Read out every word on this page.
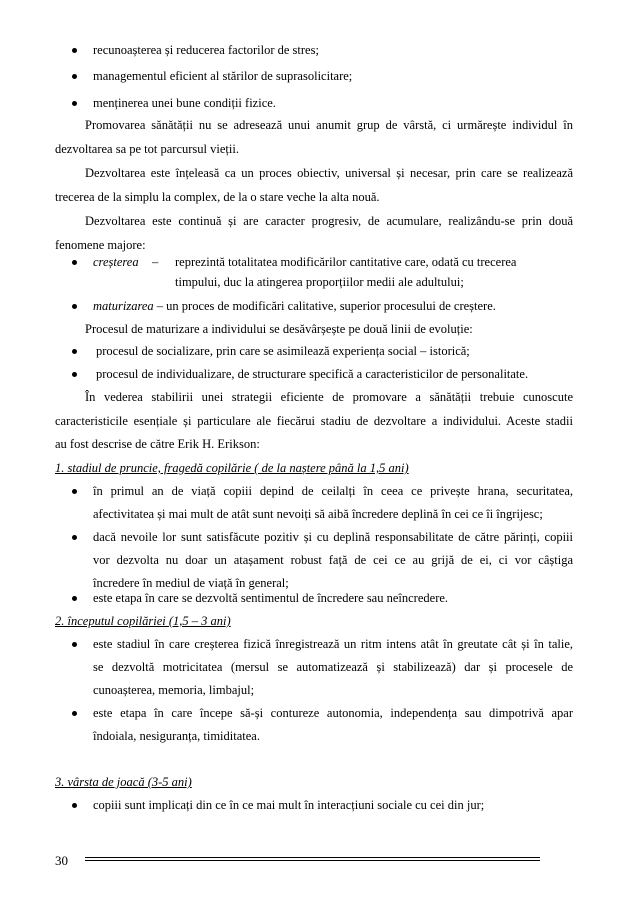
recunoașterea și reducerea factorilor de stres;
managementul eficient al stărilor de suprasolicitare;
menținerea unei bune condiții fizice.
Promovarea sănătății nu se adresează unui anumit grup de vârstă, ci urmărește individul în
dezvoltarea sa pe tot parcursul vieții.
Dezvoltarea este înțeleasă ca un proces obiectiv, universal și necesar, prin care se realizează
trecerea de la simplu la complex, de la o stare veche la alta nouă.
Dezvoltarea este continuă și are caracter progresiv, de acumulare, realizându-se prin două
fenomene majore:
creșterea – reprezintă totalitatea modificărilor cantitative care, odată cu trecerea
timpului, duc la atingerea proporțiilor medii ale adultului;
maturizarea – un proces de modificări calitative, superior procesului de creștere.
Procesul de maturizare a individului se desăvârșește pe două linii de evoluție:
procesul de socializare, prin care se asimilează experiența social – istorică;
procesul de individualizare, de structurare specifică a caracteristicilor de personalitate.
În vederea stabilirii unei strategii eficiente de promovare a sănătății trebuie cunoscute
caracteristicile esențiale și particulare ale fiecărui stadiu de dezvoltare a individului. Aceste stadii
au fost descrise de către Erik H. Erikson:
1. stadiul de pruncie, fragedă copilărie ( de la naștere până la 1,5 ani)
în primul an de viață copiii depind de ceilalți în ceea ce privește hrana, securitatea,
afectivitatea și mai mult de atât sunt nevoiți să aibă încredere deplină în cei ce îi îngrijesc;
dacă nevoile lor sunt satisfăcute pozitiv și cu deplină responsabilitate de către părinți, copiii
vor dezvolta nu doar un atașament robust față de cei ce au grijă de ei, ci vor câștiga
încredere în mediul de viață în general;
este etapa în care se dezvoltă sentimentul de încredere sau neîncredere.
2. începutul copilăriei (1,5 – 3 ani)
este stadiul în care creșterea fizică înregistrează un ritm intens atât în greutate cât și în talie,
se dezvoltă motricitatea (mersul se automatizează și stabilizează) dar și procesele de
cunoașterea, memoria, limbajul;
este etapa în care începe să-și contureze autonomia, independența sau dimpotrivă apar
îndoiala, nesiguranța, timiditatea.
3. vârsta de joacă (3-5 ani)
copiii sunt implicați din ce în ce mai mult în interacțiuni sociale cu cei din jur;
30
